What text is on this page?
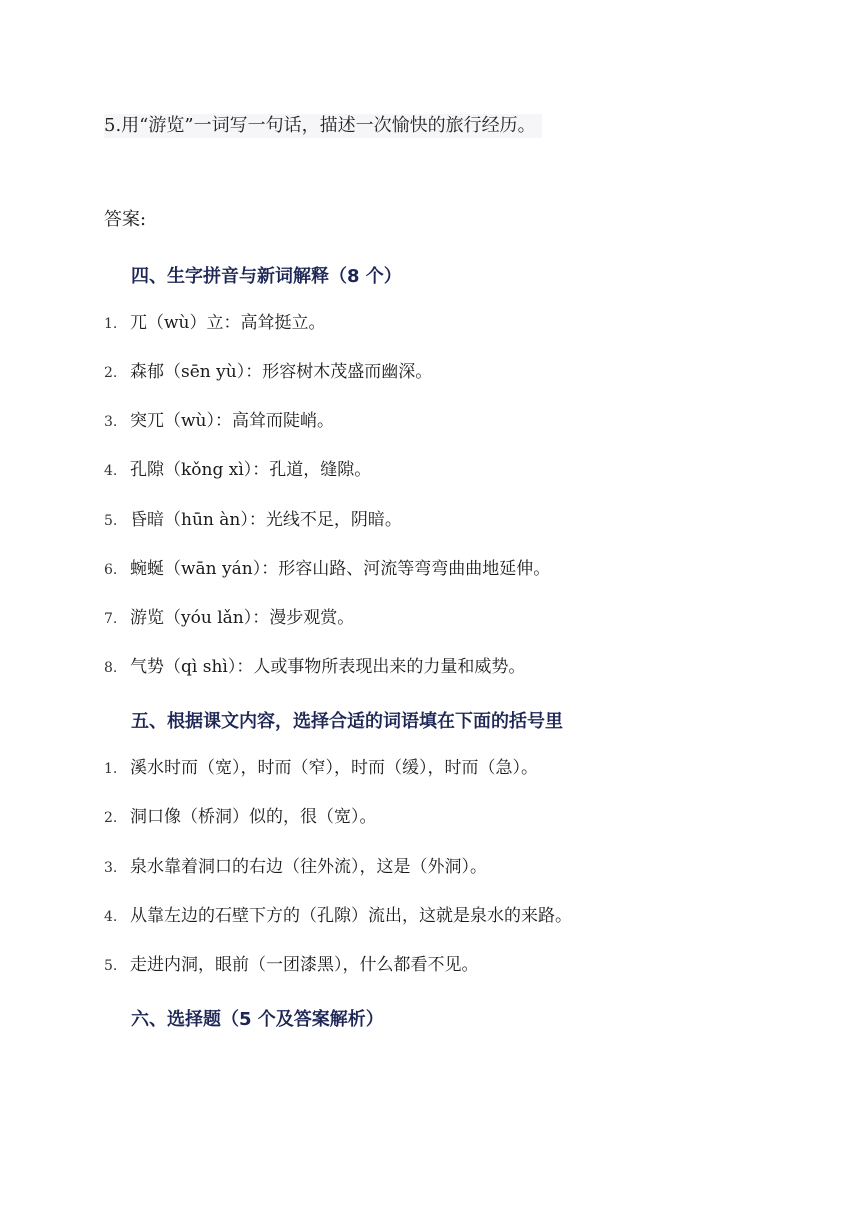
5.用“游览”一词写一句话，描述一次愉快的旅行经历。
答案:
四、生字拼音与新词解释（8 个）
1. 兀（wù）立：高耸挺立。
2. 森郁（sēn yù）：形容树木茂盛而幽深。
3. 突兀（wù）：高耸而陡峭。
4. 孔隙（kǒng xì）：孔道，缝隙。
5. 昏暗（hūn àn）：光线不足，阴暗。
6. 蜿蜒（wān yán）：形容山路、河流等弯弯曲曲地延伸。
7. 游览（yóu lǎn）：漫步观赏。
8. 气势（qì shì）：人或事物所表现出来的力量和威势。
五、根据课文内容，选择合适的词语填在下面的括号里
1. 溪水时而（宽），时而（窄），时而（缓），时而（急）。
2. 洞口像（桥洞）似的，很（宽）。
3. 泉水靠着洞口的右边（往外流），这是（外洞）。
4. 从靠左边的石壁下方的（孔隙）流出，这就是泉水的来路。
5. 走进内洞，眼前（一团漆黑），什么都看不见。
六、选择题（5 个及答案解析）
